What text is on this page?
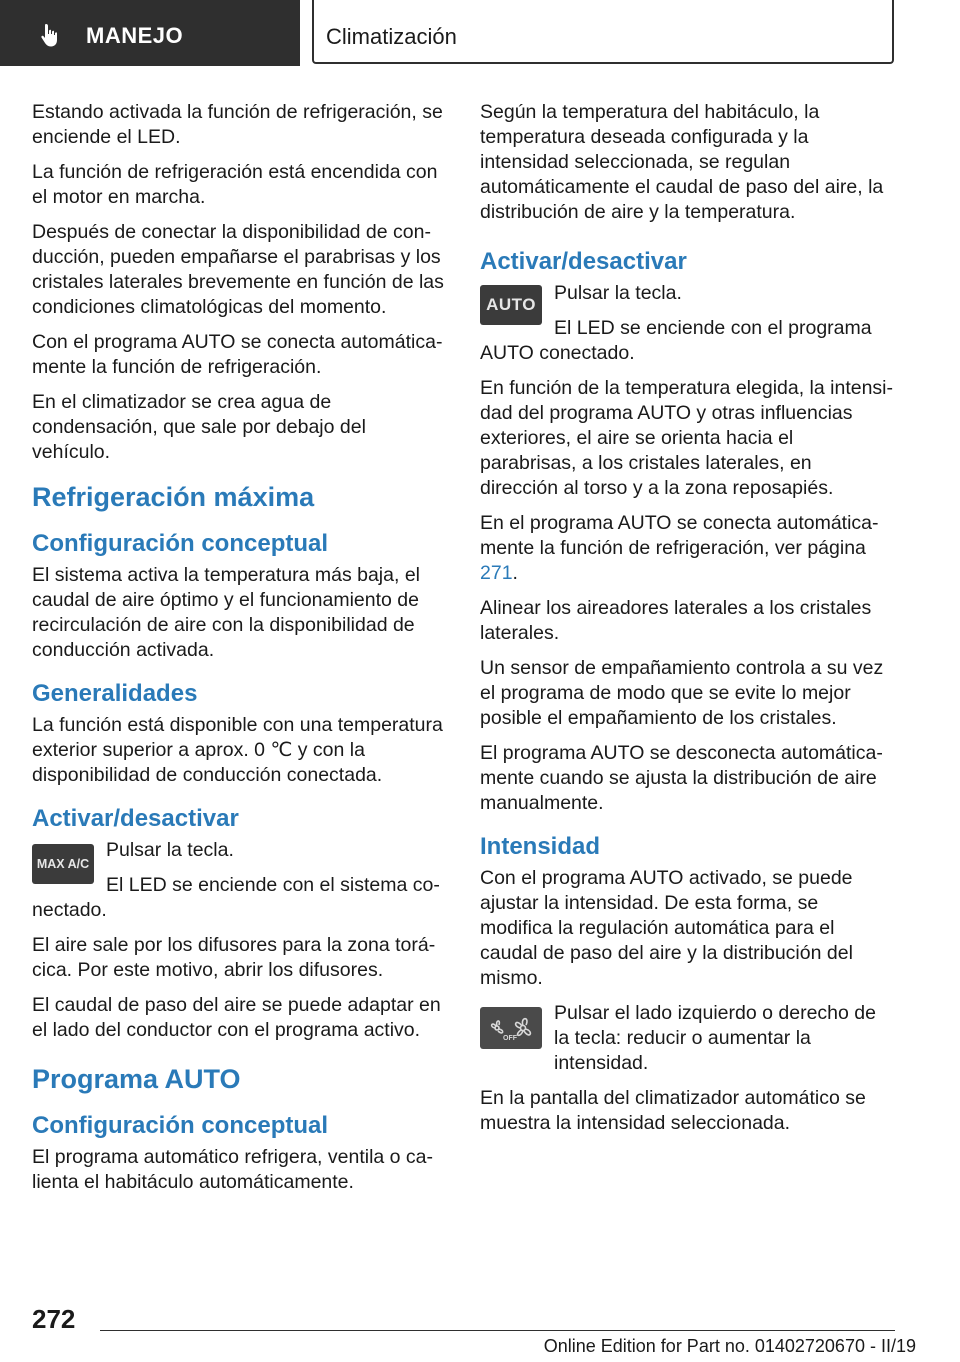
MANEJO	Climatización

Estando activada la función de refrigeración, se enciende el LED.

La función de refrigeración está encendida con el motor en marcha.

Después de conectar la disponibilidad de conducción, pueden empañarse el parabrisas y los cristales laterales brevemente en función de las condiciones climatológicas del momento.

Con el programa AUTO se conecta automáticamente la función de refrigeración.

En el climatizador se crea agua de condensación, que sale por debajo del vehículo.

Refrigeración máxima
Configuración conceptual

El sistema activa la temperatura más baja, el caudal de aire óptimo y el funcionamiento de recirculación de aire con la disponibilidad de conducción activada.

Generalidades

La función está disponible con una temperatura exterior superior a aprox. 0 ℃ y con la disponibilidad de conducción conectada.

Activar/desactivar
MAX A/C

Pulsar la tecla.

El LED se enciende con el sistema conectado.

El aire sale por los difusores para la zona torácica. Por este motivo, abrir los difusores.

El caudal de paso del aire se puede adaptar en el lado del conductor con el programa activo.

Programa AUTO
Configuración conceptual

El programa automático refrigera, ventila o calienta el habitáculo automáticamente.

Según la temperatura del habitáculo, la temperatura deseada configurada y la intensidad seleccionada, se regulan automáticamente el caudal de paso del aire, la distribución de aire y la temperatura.

Activar/desactivar
AUTO

Pulsar la tecla.

El LED se enciende con el programa AUTO conectado.

En función de la temperatura elegida, la intensidad del programa AUTO y otras influencias exteriores, el aire se orienta hacia el parabrisas, a los cristales laterales, en dirección al torso y a la zona reposapiés.

En el programa AUTO se conecta automáticamente la función de refrigeración, ver página 271.

Alinear los aireadores laterales a los cristales laterales.

Un sensor de empañamiento controla a su vez el programa de modo que se evite lo mejor posible el empañamiento de los cristales.

El programa AUTO se desconecta automáticamente cuando se ajusta la distribución de aire manualmente.

Intensidad

Con el programa AUTO activado, se puede ajustar la intensidad. De esta forma, se modifica la regulación automática para el caudal de paso del aire y la distribución del mismo.

OFF

Pulsar el lado izquierdo o derecho de la tecla: reducir o aumentar la intensidad.

En la pantalla del climatizador automático se muestra la intensidad seleccionada.

272
Online Edition for Part no. 01402720670 - II/19
